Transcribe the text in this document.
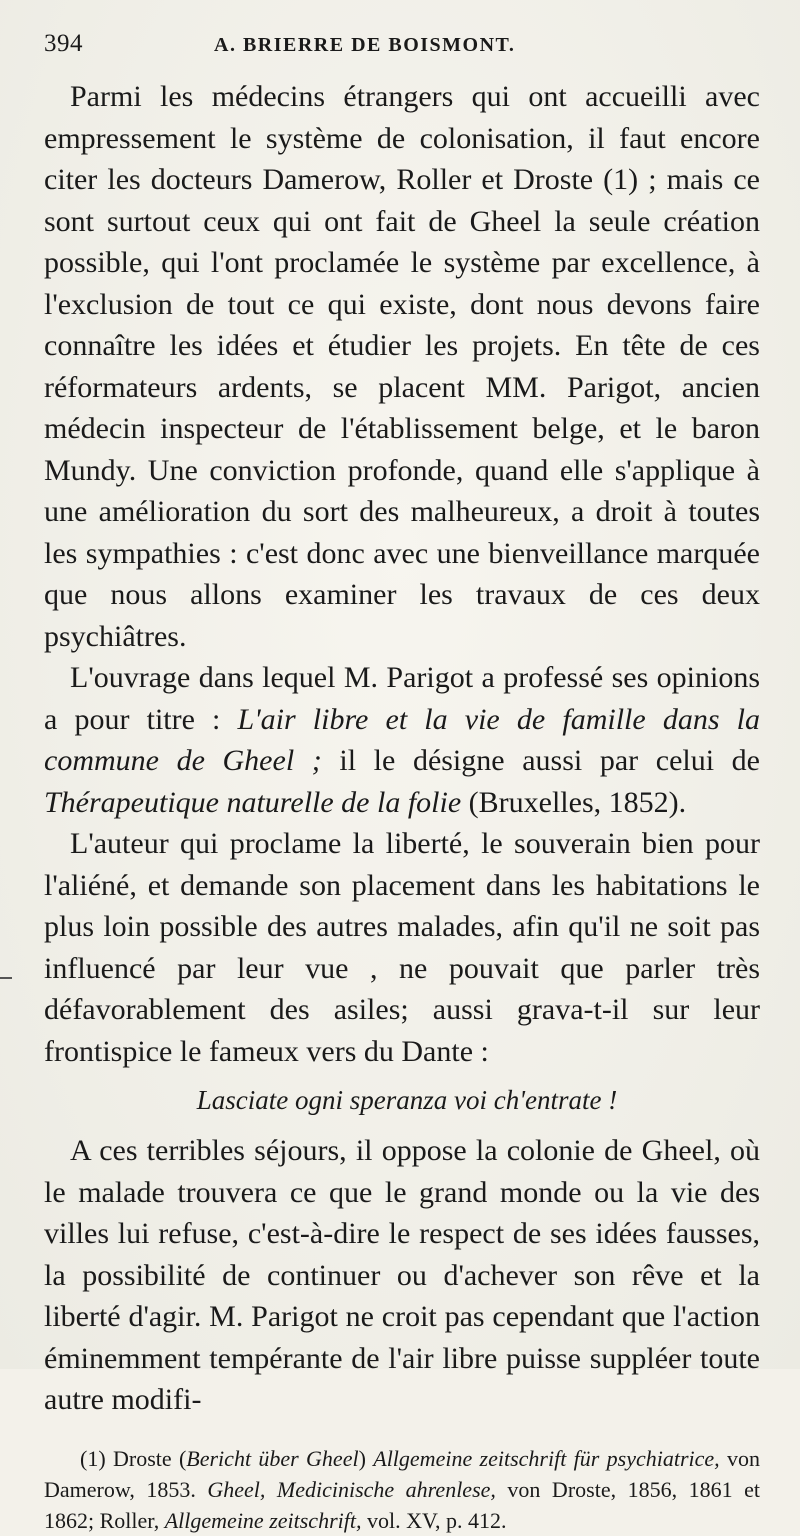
394	A. BRIERRE DE BOISMONT.

Parmi les médecins étrangers qui ont accueilli avec empressement le système de colonisation, il faut encore citer les docteurs Damerow, Roller et Droste (1) ; mais ce sont surtout ceux qui ont fait de Gheel la seule création possible, qui l'ont proclamée le système par excellence, à l'exclusion de tout ce qui existe, dont nous devons faire connaître les idées et étudier les projets. En tête de ces réformateurs ardents, se placent MM. Parigot, ancien médecin inspecteur de l'établissement belge, et le baron Mundy. Une conviction profonde, quand elle s'applique à une amélioration du sort des malheureux, a droit à toutes les sympathies : c'est donc avec une bienveillance marquée que nous allons examiner les travaux de ces deux psychiâtres.

L'ouvrage dans lequel M. Parigot a professé ses opinions a pour titre : L'air libre et la vie de famille dans la commune de Gheel ; il le désigne aussi par celui de Thérapeutique naturelle de la folie (Bruxelles, 1852).

L'auteur qui proclame la liberté, le souverain bien pour l'aliéné, et demande son placement dans les habitations le plus loin possible des autres malades, afin qu'il ne soit pas influencé par leur vue , ne pouvait que parler très défavorablement des asiles; aussi grava-t-il sur leur frontispice le fameux vers du Dante :

Lasciate ogni speranza voi ch'entrate !

A ces terribles séjours, il oppose la colonie de Gheel, où le malade trouvera ce que le grand monde ou la vie des villes lui refuse, c'est-à-dire le respect de ses idées fausses, la possibilité de continuer ou d'achever son rêve et la liberté d'agir. M. Parigot ne croit pas cependant que l'action éminemment tempérante de l'air libre puisse suppléer toute autre modifi-

(1) Droste (Bericht über Gheel) Allgemeine zeitschrift für psychiatrice, von Damerow, 1853. Gheel, Medicinische ahrenlese, von Droste, 1856, 1861 et 1862; Roller, Allgemeine zeitschrift, vol. XV, p. 412.
